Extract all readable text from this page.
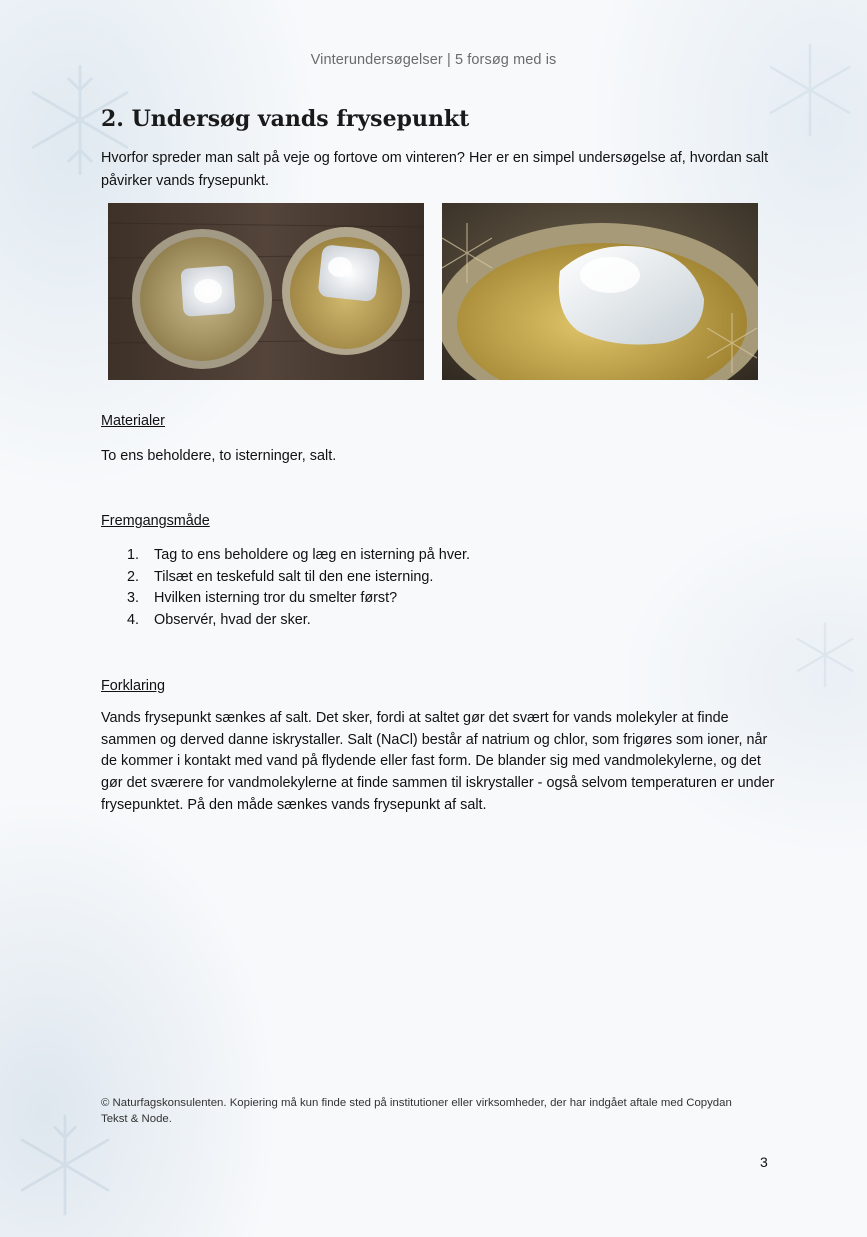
Vinterundersøgelser | 5 forsøg med is
2. Undersøg vands frysepunkt

Hvorfor spreder man salt på veje og fortove om vinteren? Her er en simpel undersøgelse af, hvordan salt påvirker vands frysepunkt.

Materialer

To ens beholdere, to isterninger, salt.

Fremgangsmåde
1. Tag to ens beholdere og læg en isterning på hver.
2. Tilsæt en teskefuld salt til den ene isterning.
3. Hvilken isterning tror du smelter først?
4. Observér, hvad der sker.
Forklaring

Vands frysepunkt sænkes af salt. Det sker, fordi at saltet gør det svært for vands molekyler at finde sammen og derved danne iskrystaller. Salt (NaCl) består af natrium og chlor, som frigøres som ioner, når de kommer i kontakt med vand på flydende eller fast form. De blander sig med vandmolekylerne, og det gør det sværere for vandmolekylerne at finde sammen til iskrystaller - også selvom temperaturen er under frysepunktet. På den måde sænkes vands frysepunkt af salt.

© Naturfagskonsulenten. Kopiering må kun finde sted på institutioner eller virksomheder, der har indgået aftale med Copydan Tekst & Node.

3
